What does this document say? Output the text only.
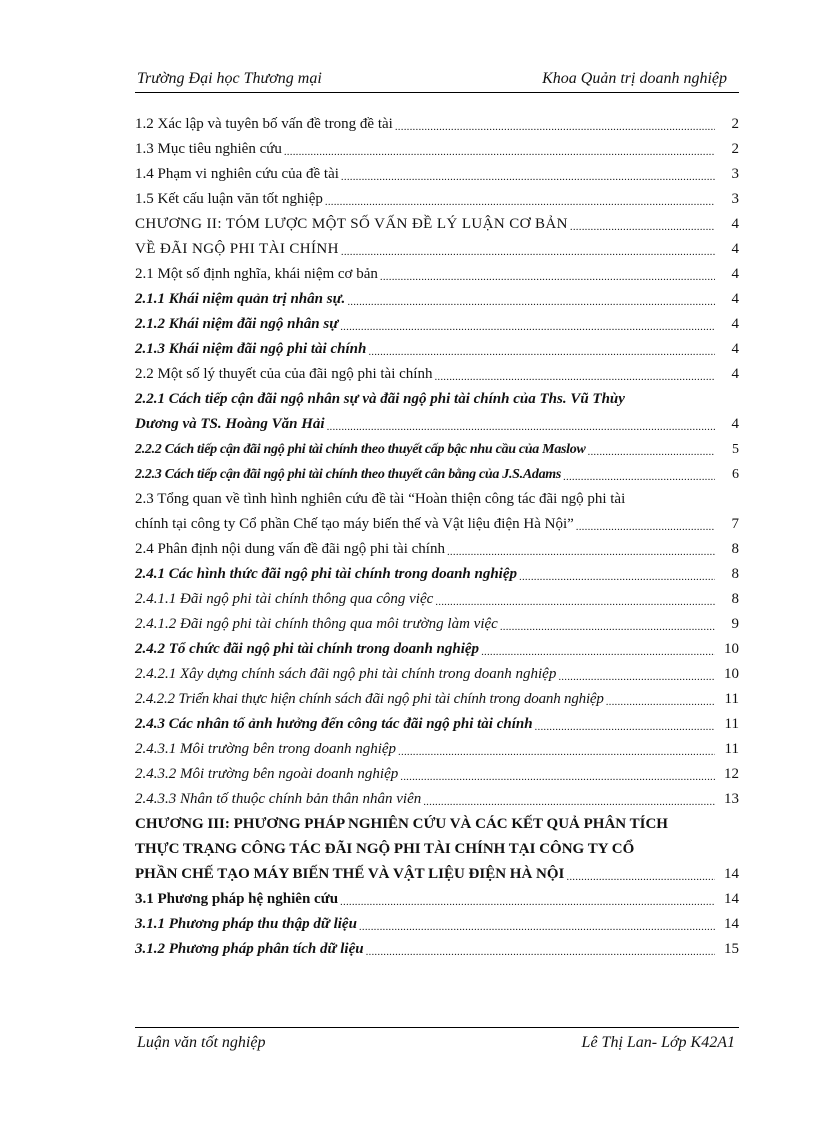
Trường Đại học Thương mại	Khoa Quản trị doanh nghiệp
1.2 Xác lập và tuyên bố vấn đề trong đề tài .....	2
1.3 Mục tiêu nghiên cứu .....	2
1.4 Phạm vi nghiên cứu của đề tài .....	3
1.5 Kết cấu luận văn tốt nghiệp .....	3
CHƯƠNG II: TÓM LƯỢC MỘT SỐ VẤN ĐỀ LÝ LUẬN CƠ BẢN .....	4
VỀ ĐÃI NGỘ PHI TÀI CHÍNH .....	4
2.1 Một số định nghĩa, khái niệm cơ bản .....	4
2.1.1 Khái niệm quản trị nhân sự. .....	4
2.1.2 Khái niệm đãi ngộ nhân sự .....	4
2.1.3 Khái niệm đãi ngộ phi tài chính .....	4
2.2 Một số lý thuyết của của đãi ngộ phi tài chính .....	4
2.2.1 Cách tiếp cận đãi ngộ nhân sự và đãi ngộ phi tài chính của Ths. Vũ Thùy
Dương và TS. Hoàng Văn Hải .....	4
2.2.2 Cách tiếp cận đãi ngộ phi tài chính theo thuyết cấp bậc nhu cầu của Maslow .....	5
2.2.3 Cách tiếp cận đãi ngộ phi tài chính theo thuyết cân bằng của J.S.Adams .....	6
2.3 Tổng quan về tình hình nghiên cứu đề tài “Hoàn thiện công tác đãi ngộ phi tài
chính tại công ty Cổ phần Chế tạo máy biến thế và Vật liệu điện Hà Nội” .....	7
2.4 Phân định nội dung vấn đề đãi ngộ phi tài chính .....	8
2.4.1 Các hình thức đãi ngộ phi tài chính trong doanh nghiệp .....	8
2.4.1.1 Đãi ngộ phi tài chính thông qua công việc .....	8
2.4.1.2 Đãi ngộ phi tài chính thông qua môi trường làm việc .....	9
2.4.2 Tổ chức đãi ngộ phi tài chính trong doanh nghiệp .....	10
2.4.2.1 Xây dựng chính sách đãi ngộ phi tài chính trong doanh nghiệp .....	10
2.4.2.2 Triển khai thực hiện chính sách đãi ngộ phi tài chính trong doanh nghiệp .....	11
2.4.3 Các nhân tố ảnh hưởng đến công tác đãi ngộ phi tài chính .....	11
2.4.3.1 Môi trường bên trong doanh nghiệp .....	11
2.4.3.2 Môi trường bên ngoài doanh nghiệp .....	12
2.4.3.3 Nhân tố thuộc chính bản thân nhân viên .....	13
CHƯƠNG III: PHƯƠNG PHÁP NGHIÊN CỨU VÀ CÁC KẾT QUẢ PHÂN TÍCH
THỰC TRẠNG CÔNG TÁC ĐÃI NGỘ PHI TÀI CHÍNH TẠI CÔNG TY CỔ
PHẦN CHẾ TẠO MÁY BIẾN THẾ VÀ VẬT LIỆU ĐIỆN HÀ NỘI .....	14
3.1 Phương pháp hệ nghiên cứu .....	14
3.1.1 Phương pháp thu thập dữ liệu .....	14
3.1.2 Phương pháp phân tích dữ liệu .....	15
Luận văn tốt nghiệp	Lê Thị Lan- Lớp K42A1
